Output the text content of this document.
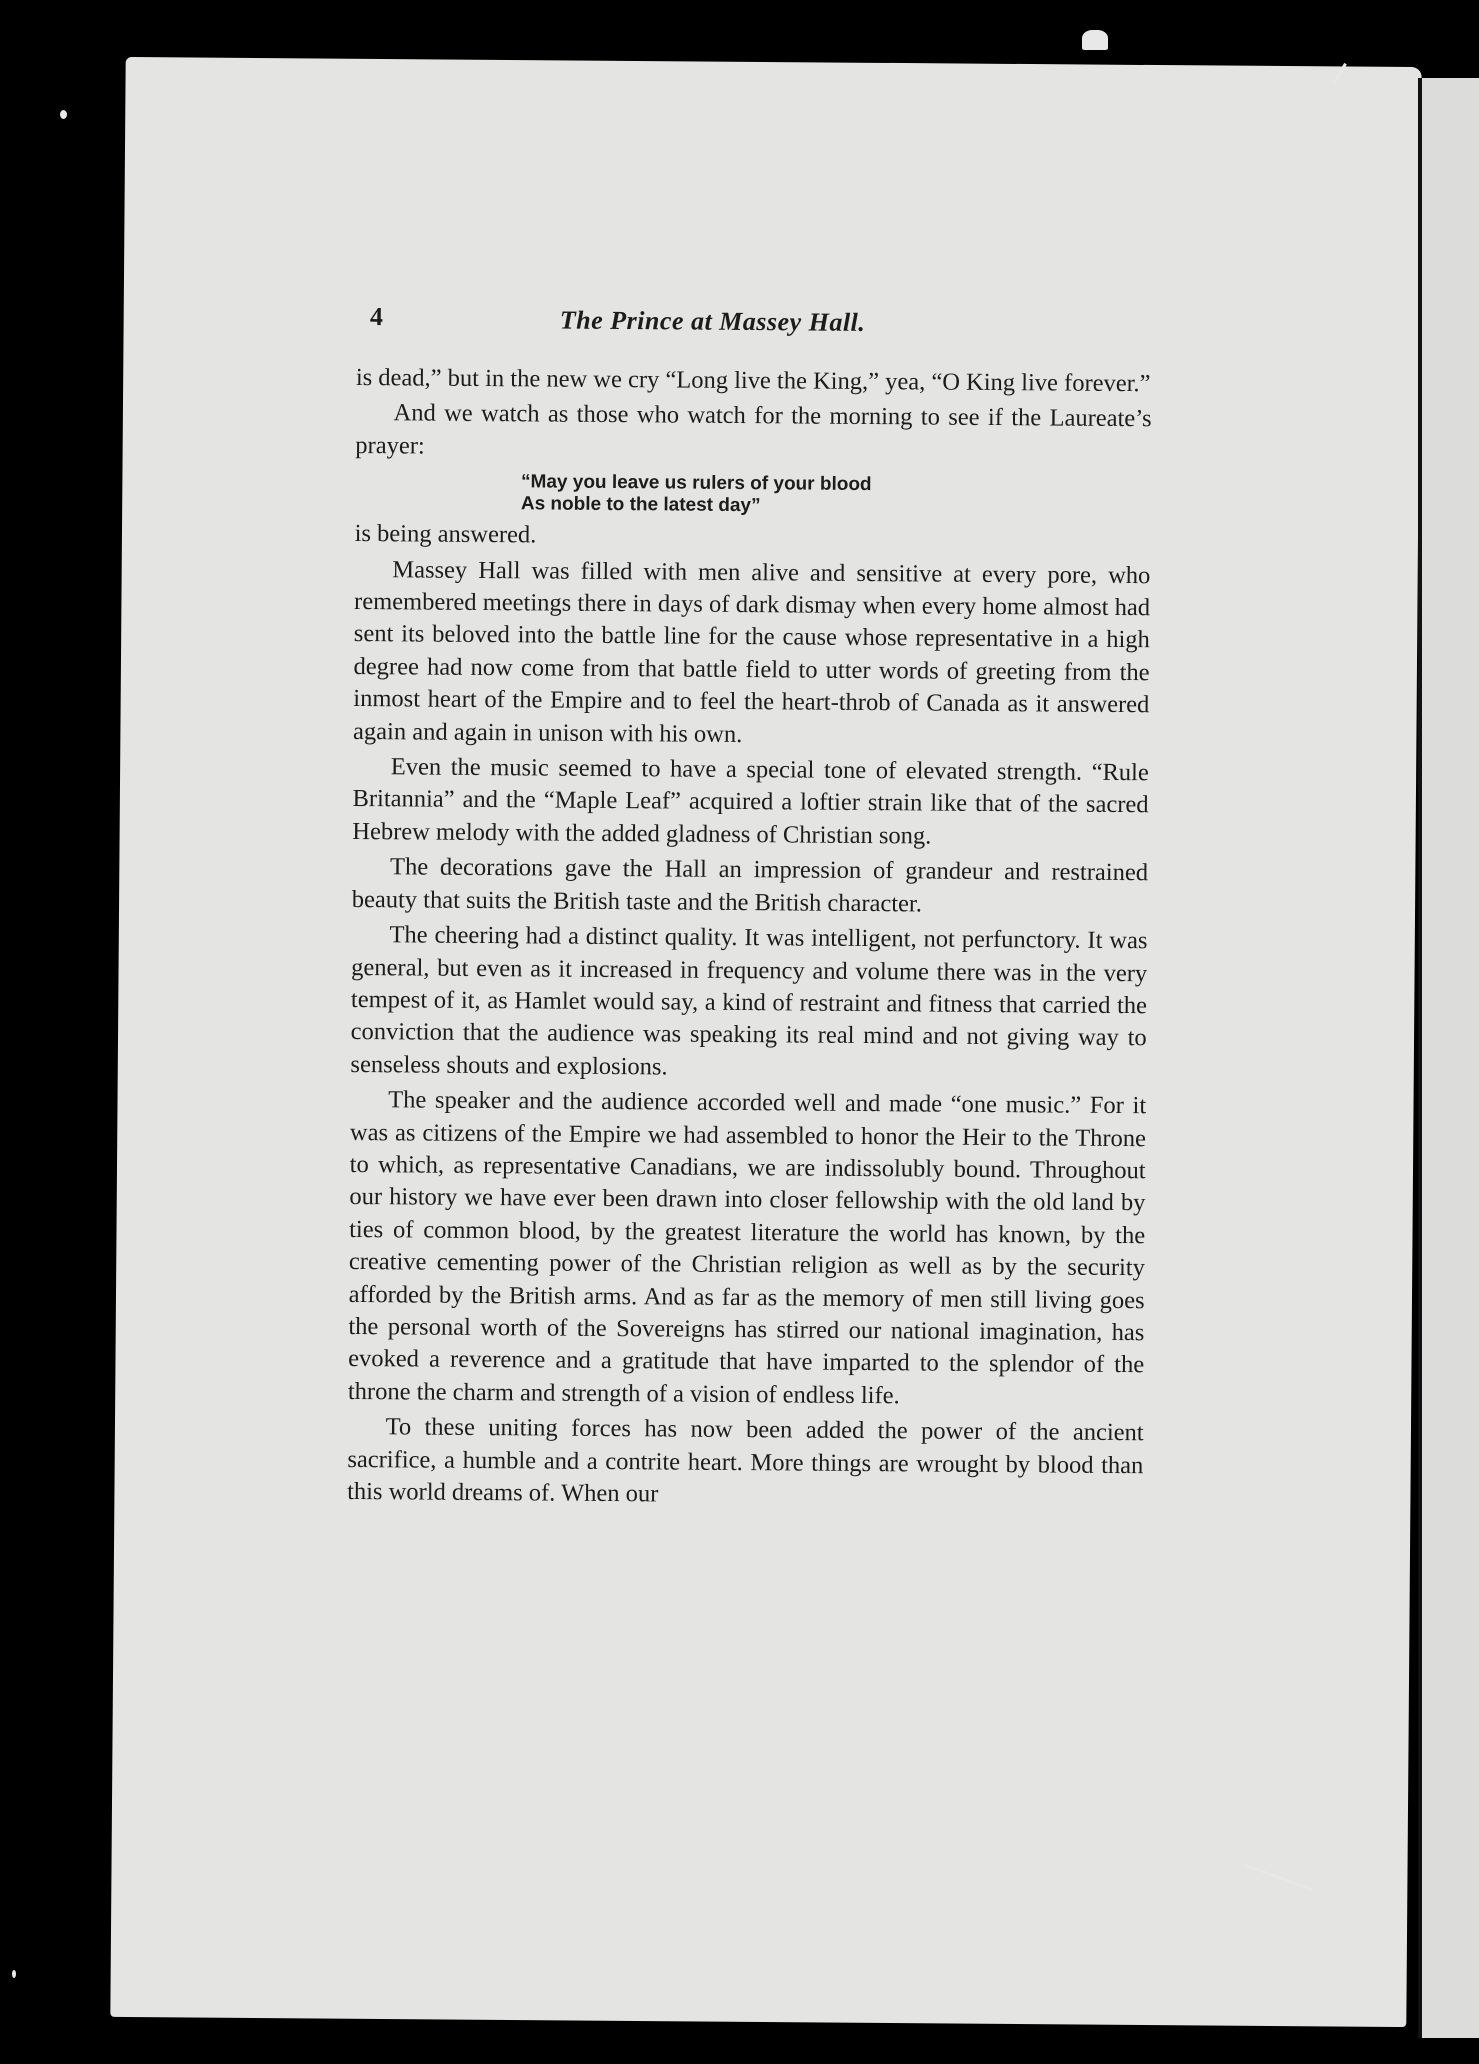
4	The Prince at Massey Hall.

is dead,” but in the new we cry “Long live the King,” yea, “O King live forever.”

And we watch as those who watch for the morning to see if the Laureate’s prayer:

“May you leave us rulers of your blood
As noble to the latest day”

is being answered.

Massey Hall was filled with men alive and sensitive at every pore, who remembered meetings there in days of dark dismay when every home almost had sent its beloved into the battle line for the cause whose representative in a high degree had now come from that battle field to utter words of greeting from the inmost heart of the Empire and to feel the heart-throb of Canada as it answered again and again in unison with his own.

Even the music seemed to have a special tone of elevated strength. “Rule Britannia” and the “Maple Leaf” acquired a loftier strain like that of the sacred Hebrew melody with the added gladness of Christian song.

The decorations gave the Hall an impression of grandeur and restrained beauty that suits the British taste and the British character.

The cheering had a distinct quality. It was intelligent, not perfunctory. It was general, but even as it increased in frequency and volume there was in the very tempest of it, as Hamlet would say, a kind of restraint and fitness that carried the conviction that the audience was speaking its real mind and not giving way to senseless shouts and explosions.

The speaker and the audience accorded well and made “one music.” For it was as citizens of the Empire we had assembled to honor the Heir to the Throne to which, as representative Canadians, we are indissolubly bound. Throughout our history we have ever been drawn into closer fellowship with the old land by ties of common blood, by the greatest literature the world has known, by the creative cementing power of the Christian religion as well as by the security afforded by the British arms. And as far as the memory of men still living goes the personal worth of the Sovereigns has stirred our national imagination, has evoked a reverence and a gratitude that have imparted to the splendor of the throne the charm and strength of a vision of endless life.

To these uniting forces has now been added the power of the ancient sacrifice, a humble and a contrite heart. More things are wrought by blood than this world dreams of. When our
